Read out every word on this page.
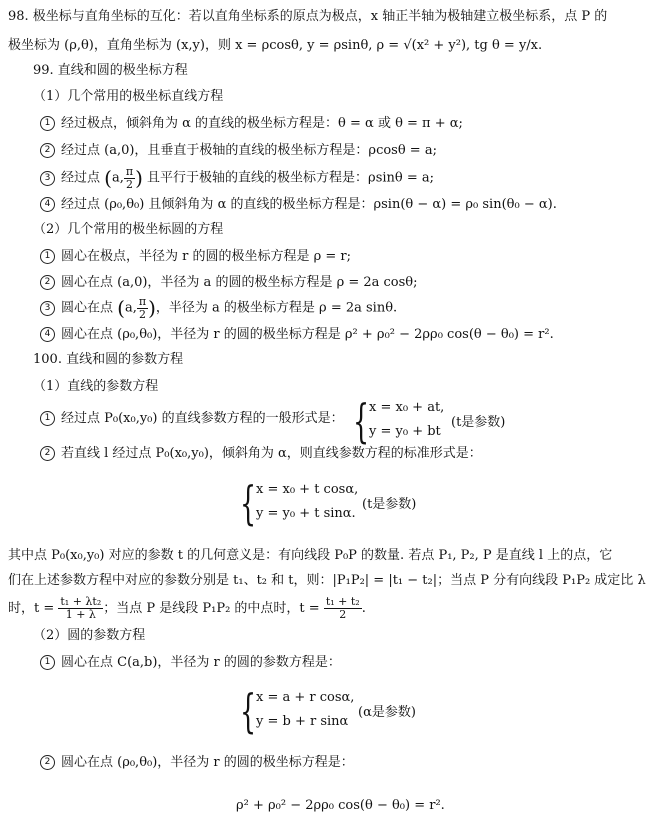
98. 极坐标与直角坐标的互化：若以直角坐标系的原点为极点，x 轴正半轴为极轴建立极坐标系，点 P 的
极坐标为 (ρ,θ)，直角坐标为 (x,y)，则 x = ρcosθ, y = ρsinθ, ρ = √(x² + y²), tg θ = y/x.
99. 直线和圆的极坐标方程
（1）几个常用的极坐标直线方程
1 经过极点，倾斜角为 α 的直线的极坐标方程是：θ = α 或 θ = π + α;
2 经过点 (a,0)，且垂直于极轴的直线的极坐标方程是：ρcosθ = a;
3 经过点 (a, $\frac{\pi}{2}$ ) 且平行于极轴的直线的极坐标方程是：ρsinθ = a;
4 经过点 (ρ₀,θ₀) 且倾斜角为 α 的直线的极坐标方程是：ρsin(θ − α) = ρ₀ sin(θ₀ − α).
（2）几个常用的极坐标圆的方程
1 圆心在极点，半径为 r 的圆的极坐标方程是 ρ = r;
2 圆心在点 (a,0)，半径为 a 的圆的极坐标方程是 ρ = 2a cosθ;
3 圆心在点 (a, $\frac{\pi}{2}$ )，半径为 a 的极坐标方程是 ρ = 2a sinθ.
4 圆心在点 (ρ₀,θ₀)，半径为 r 的圆的极坐标方程是 ρ² + ρ₀² − 2ρρ₀ cos(θ − θ₀) = r².
100. 直线和圆的参数方程
（1）直线的参数方程
1 经过点 P₀(x₀,y₀) 的直线参数方程的一般形式是： { x = x₀ + at,
y = y₀ + bt
(t是参数)
2 若直线 l 经过点 P₀(x₀,y₀)，倾斜角为 α，则直线参数方程的标准形式是：
{ x = x₀ + t cosα,
y = y₀ + t sinα.
(t是参数)
其中点 P₀(x₀,y₀) 对应的参数 t 的几何意义是：有向线段 P₀P 的数量. 若点 P₁, P₂, P 是直线 l 上的点，它
们在上述参数方程中对应的参数分别是 t₁、t₂ 和 t，则：|P₁P₂| = |t₁ − t₂|；当点 P 分有向线段 P₁P₂ 成定比 λ
时，$t = \frac{\text{t₁ + λt₂}}{1 + \lambda}$ ；当点 P 是线段 P₁P₂ 的中点时，$t = \frac{\text{t₁ + t₂}}{2}$ .
（2）圆的参数方程
1 圆心在点 C(a,b)，半径为 r 的圆的参数方程是：
{ x = a + r cosα,
y = b + r sinα
(α是参数)
2 圆心在点 (ρ₀,θ₀)，半径为 r 的圆的极坐标方程是：
ρ² + ρ₀² − 2ρρ₀ cos(θ − θ₀) = r².
